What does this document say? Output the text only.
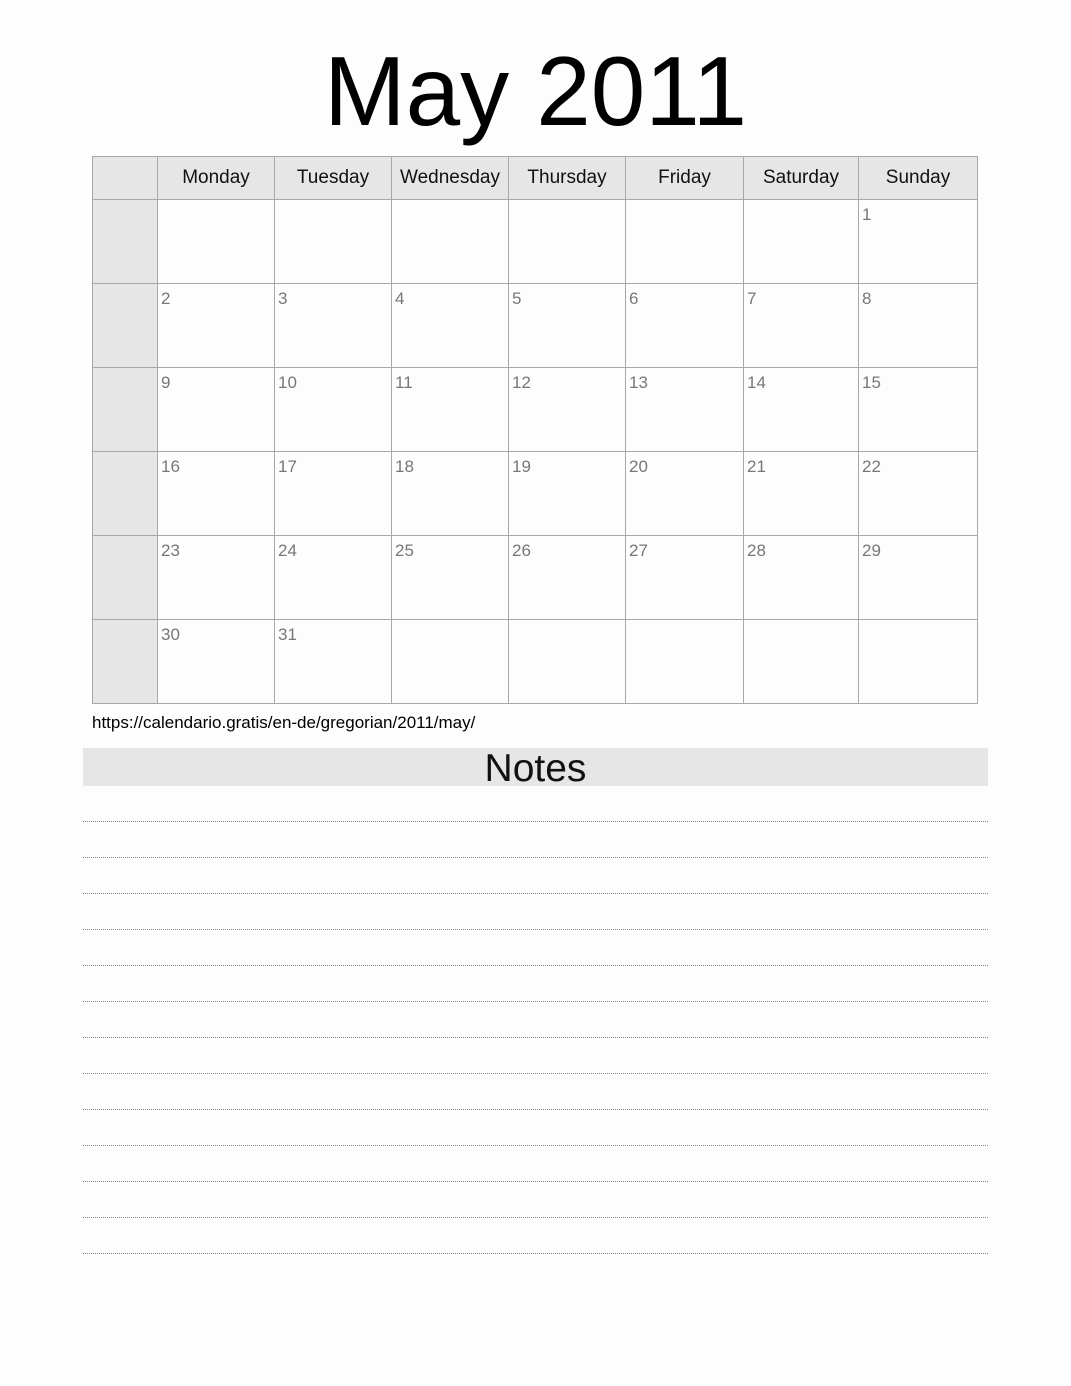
May 2011
	Monday	Tuesday	Wednesday	Thursday	Friday	Saturday	Sunday

							1

	2	3	4	5	6	7	8

	9	10	11	12	13	14	15

	16	17	18	19	20	21	22

	23	24	25	26	27	28	29

	30	31					

https://calendario.gratis/en-de/gregorian/2011/may/
Notes
